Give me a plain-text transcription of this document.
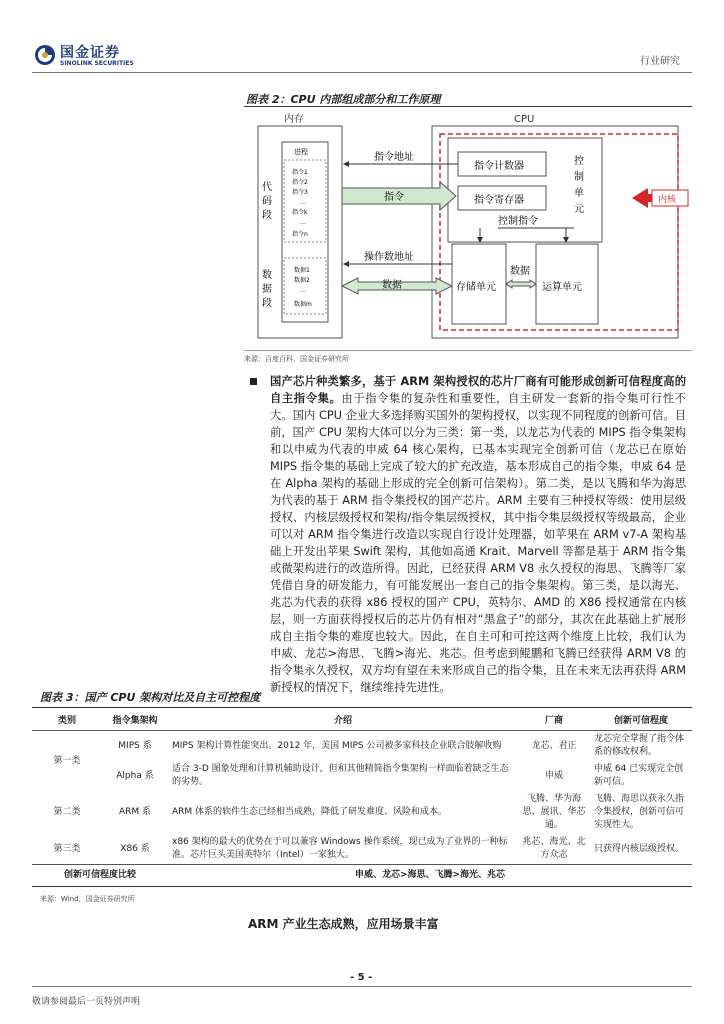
国金证券
SINOLINK SECURITIES	行业研究
图表 2：CPU 内部组成部分和工作原理
内存
代
码
段
数
据
段
进程
指令1
指令2
指令3
…
指令k
…
指令n
数据1
数据2
…
数据m
CPU
指令计数器
指令寄存器
控
制
单
元
存储单元	运算单元
内核
指令地址
指令
控制指令
操作数地址
数据
数据
来源：百度百科，国金证券研究所
国产芯片种类繁多，基于 ARM 架构授权的芯片厂商有可能形成创新可信程度高的自主指令集。由于指令集的复杂性和重要性，自主研发一套新的指令集可行性不大。国内 CPU 企业大多选择购买国外的架构授权，以实现不同程度的创新可信。目前，国产 CPU 架构大体可以分为三类：第一类，以龙芯为代表的 MIPS 指令集架构和以申威为代表的申威 64 核心架构，已基本实现完全创新可信（龙芯已在原始 MIPS 指令集的基础上完成了较大的扩充改造，基本形成自己的指令集，申威 64 是在 Alpha 架构的基础上形成的完全创新可信架构）。第二类，是以飞腾和华为海思为代表的基于 ARM 指令集授权的国产芯片。ARM 主要有三种授权等级：使用层级授权、内核层级授权和架构/指令集层级授权，其中指令集层级授权等级最高，企业可以对 ARM 指令集进行改造以实现自行设计处理器，如苹果在 ARM v7-A 架构基础上开发出苹果 Swift 架构，其他如高通 Krait、Marvell 等都是基于 ARM 指令集或微架构进行的改造所得。因此，已经获得 ARM V8 永久授权的海思、飞腾等厂家凭借自身的研发能力，有可能发展出一套自己的指令集架构。第三类，是以海光、兆芯为代表的获得 x86 授权的国产 CPU，英特尔、AMD 的 X86 授权通常在内核层，则一方面获得授权后的芯片仍有相对“黑盒子”的部分，其次在此基础上扩展形成自主指令集的难度也较大。因此，在自主可和可控这两个维度上比较，我们认为申威、龙芯>海思、飞腾>海光、兆芯。但考虑到鲲鹏和飞腾已经获得 ARM V8 的指令集永久授权，双方均有望在未来形成自己的指令集，且在未来无法再获得 ARM 新授权的情况下，继续维持先进性。
图表 3：国产 CPU 架构对比及自主可控程度
类别	指令集架构	介绍	厂商	创新可信程度
第一类	MIPS 系	MIPS 架构计算性能突出。2012 年，美国 MIPS 公司被多家科技企业联合肢解收购	龙芯、君正	龙芯完全掌握了指令体系的修改权利。
	Alpha 系	适合 3-D 图象处理和计算机辅助设计，但和其他精简指令集架构一样面临着缺乏生态的劣势。	申威	申威 64 已实现完全创新可信。
第二类	ARM 系	ARM 体系的软件生态已经相当成熟，降低了研发难度、风险和成本。	飞腾、华为海思、展讯、华芯通。	飞腾、海思以获永久指令集授权，创新可信可实现性大。
第三类	X86 系	x86 架构的最大的优势在于可以兼容 Windows 操作系统，现已成为了业界的一种标准。芯片巨头美国英特尔（Intel）一家独大。	兆芯、海光、北方众志	只获得内核层级授权。
创新可信程度比较		申威、龙芯>海思、飞腾>海光、兆芯		
来源：Wind，国金证券研究所
ARM 产业生态成熟，应用场景丰富
- 5 -
敬请参阅最后一页特别声明
